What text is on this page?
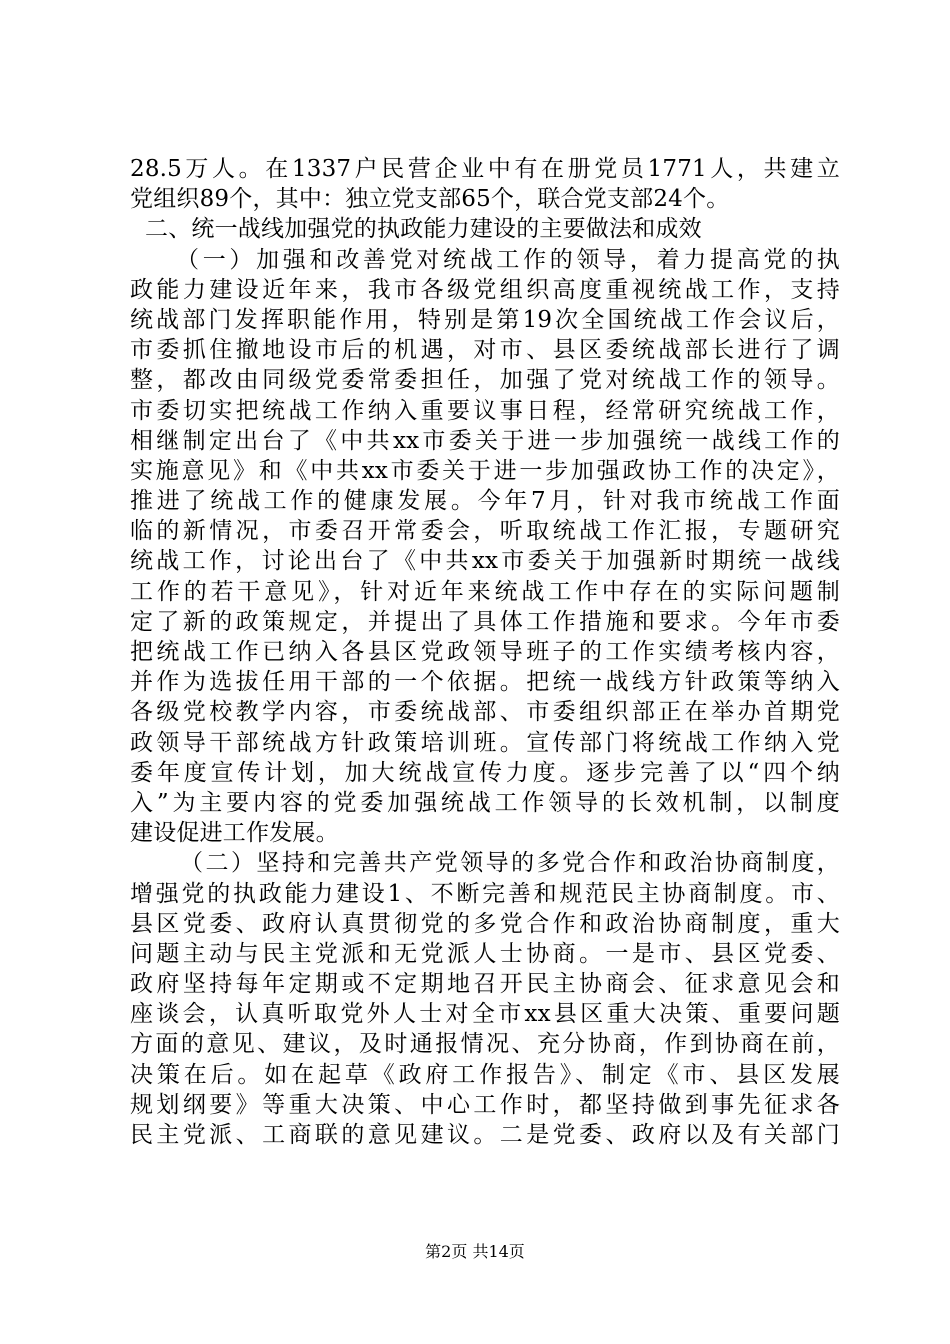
28.5万人。在1337户民营企业中有在册党员1771人，共建立
党组织89个，其中：独立党支部65个，联合党支部24个。
二、统一战线加强党的执政能力建设的主要做法和成效
（一）加强和改善党对统战工作的领导，着力提高党的执
政能力建设近年来，我市各级党组织高度重视统战工作，支持
统战部门发挥职能作用，特别是第19次全国统战工作会议后，
市委抓住撤地设市后的机遇，对市、县区委统战部长进行了调
整，都改由同级党委常委担任，加强了党对统战工作的领导。
市委切实把统战工作纳入重要议事日程，经常研究统战工作，
相继制定出台了《中共xx市委关于进一步加强统一战线工作的
实施意见》和《中共xx市委关于进一步加强政协工作的决定》，
推进了统战工作的健康发展。今年7月，针对我市统战工作面
临的新情况，市委召开常委会，听取统战工作汇报，专题研究
统战工作，讨论出台了《中共xx市委关于加强新时期统一战线
工作的若干意见》，针对近年来统战工作中存在的实际问题制
定了新的政策规定，并提出了具体工作措施和要求。今年市委
把统战工作已纳入各县区党政领导班子的工作实绩考核内容，
并作为选拔任用干部的一个依据。把统一战线方针政策等纳入
各级党校教学内容，市委统战部、市委组织部正在举办首期党
政领导干部统战方针政策培训班。宣传部门将统战工作纳入党
委年度宣传计划，加大统战宣传力度。逐步完善了以“四个纳
入”为主要内容的党委加强统战工作领导的长效机制，以制度
建设促进工作发展。
（二）坚持和完善共产党领导的多党合作和政治协商制度，
增强党的执政能力建设1、不断完善和规范民主协商制度。市、
县区党委、政府认真贯彻党的多党合作和政治协商制度，重大
问题主动与民主党派和无党派人士协商。一是市、县区党委、
政府坚持每年定期或不定期地召开民主协商会、征求意见会和
座谈会，认真听取党外人士对全市xx县区重大决策、重要问题
方面的意见、建议，及时通报情况、充分协商，作到协商在前，
决策在后。如在起草《政府工作报告》、制定《市、县区发展
规划纲要》等重大决策、中心工作时，都坚持做到事先征求各
民主党派、工商联的意见建议。二是党委、政府以及有关部门
第2页 共14页
